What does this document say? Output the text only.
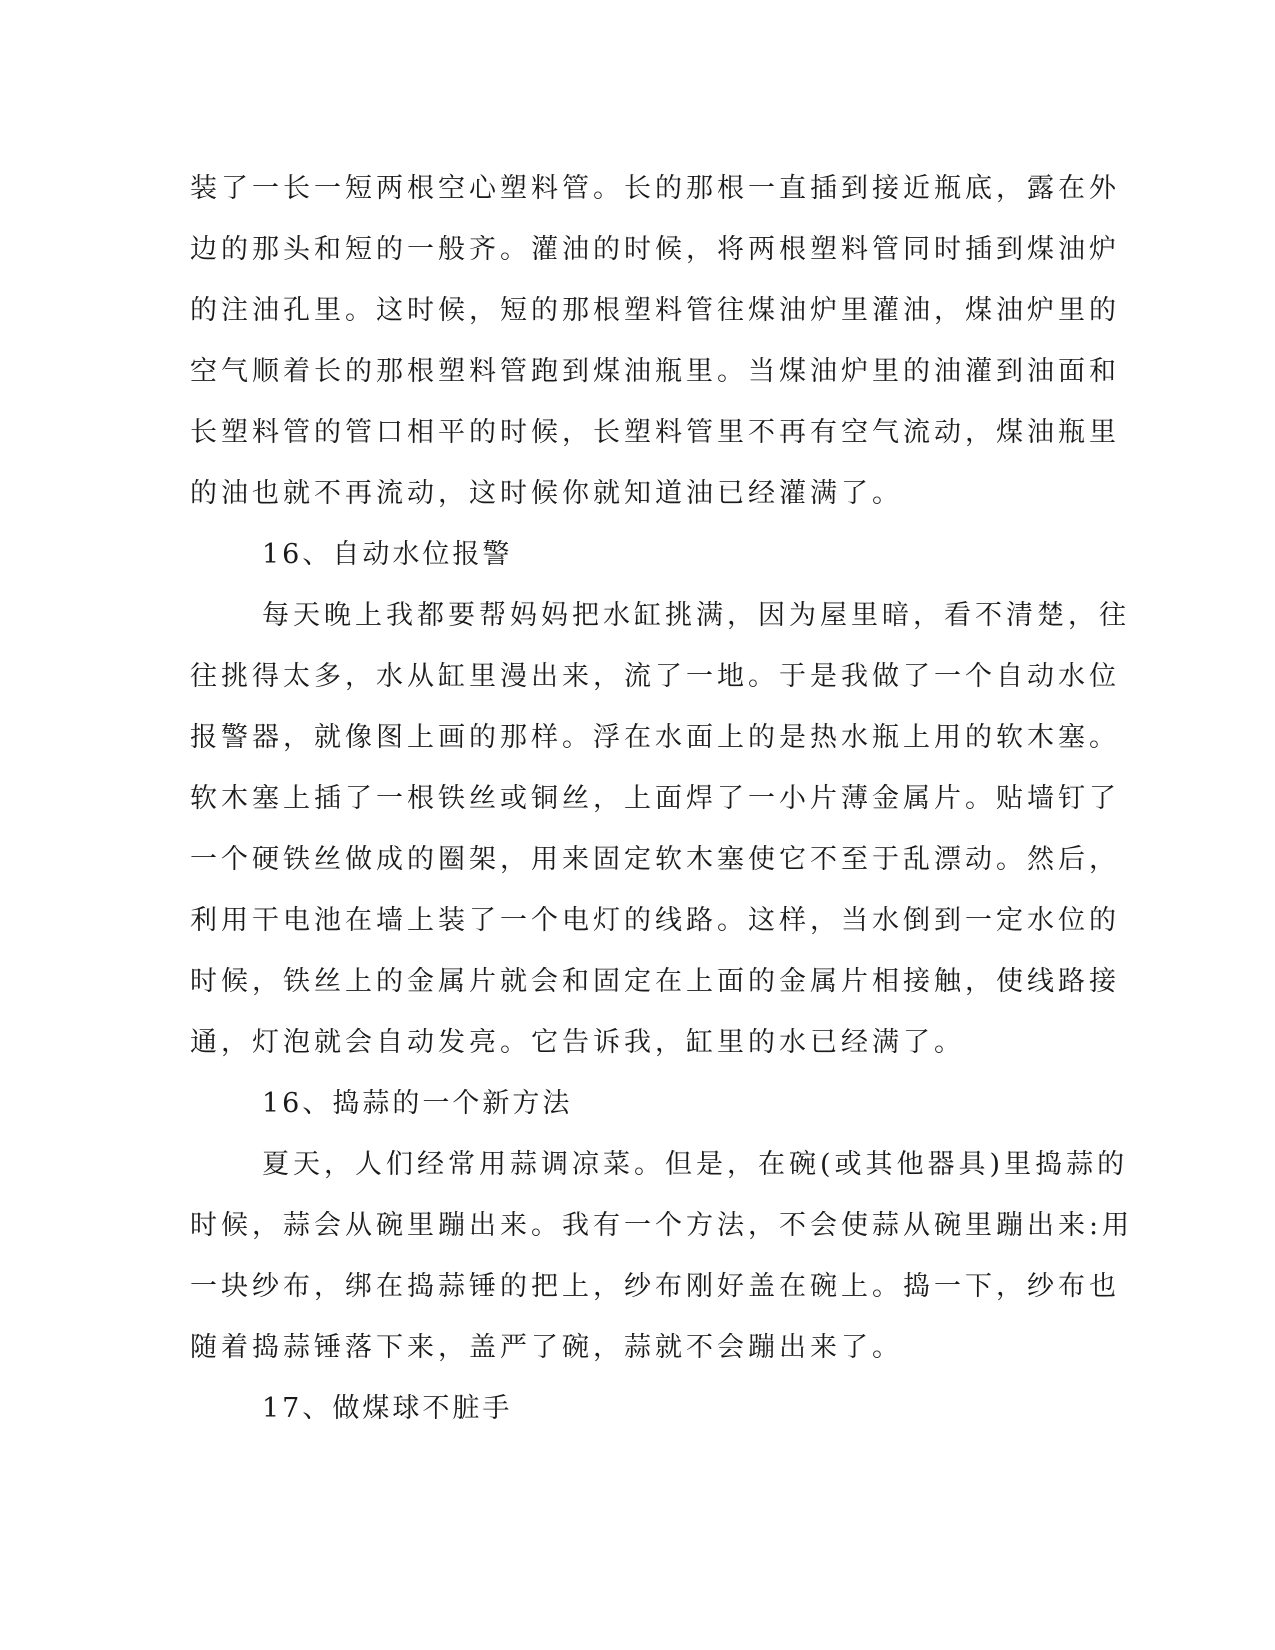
装了一长一短两根空心塑料管。长的那根一直插到接近瓶底，露在外
边的那头和短的一般齐。灌油的时候，将两根塑料管同时插到煤油炉
的注油孔里。这时候，短的那根塑料管往煤油炉里灌油，煤油炉里的
空气顺着长的那根塑料管跑到煤油瓶里。当煤油炉里的油灌到油面和
长塑料管的管口相平的时候，长塑料管里不再有空气流动，煤油瓶里
的油也就不再流动，这时候你就知道油已经灌满了。
16、自动水位报警
每天晚上我都要帮妈妈把水缸挑满，因为屋里暗，看不清楚，往
往挑得太多，水从缸里漫出来，流了一地。于是我做了一个自动水位
报警器，就像图上画的那样。浮在水面上的是热水瓶上用的软木塞。
软木塞上插了一根铁丝或铜丝，上面焊了一小片薄金属片。贴墙钉了
一个硬铁丝做成的圈架，用来固定软木塞使它不至于乱漂动。然后，
利用干电池在墙上装了一个电灯的线路。这样，当水倒到一定水位的
时候，铁丝上的金属片就会和固定在上面的金属片相接触，使线路接
通，灯泡就会自动发亮。它告诉我，缸里的水已经满了。
16、捣蒜的一个新方法
夏天，人们经常用蒜调凉菜。但是，在碗(或其他器具)里捣蒜的
时候，蒜会从碗里蹦出来。我有一个方法，不会使蒜从碗里蹦出来:用
一块纱布，绑在捣蒜锤的把上，纱布刚好盖在碗上。捣一下，纱布也
随着捣蒜锤落下来，盖严了碗，蒜就不会蹦出来了。
17、做煤球不脏手
